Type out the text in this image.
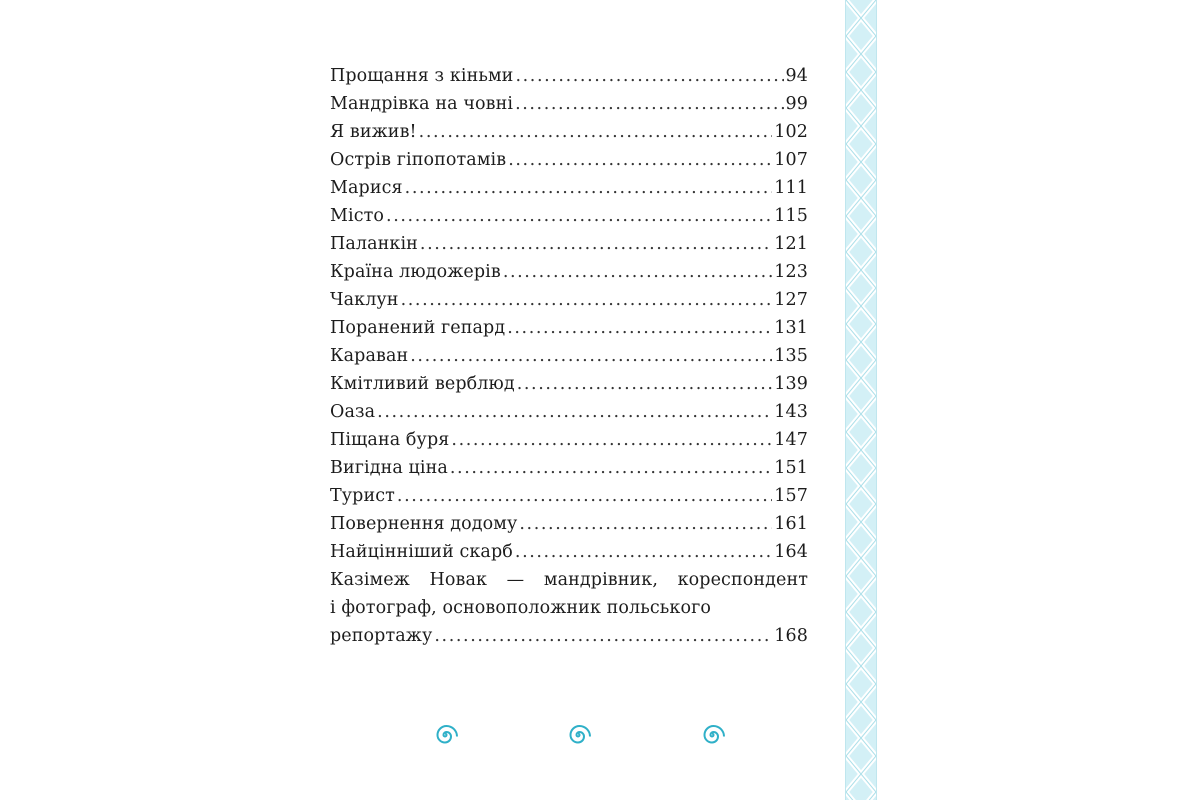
Прощання з кіньми .....	94
Мандрівка на човні .....	99
Я вижив! .....	102
Острів гіпопотамів .....	107
Марися .....	111
Місто .....	115
Паланкін .....	121
Країна людожерів .....	123
Чаклун .....	127
Поранений гепард .....	131
Караван .....	135
Кмітливий верблюд .....	139
Оаза .....	143
Піщана буря .....	147
Вигідна ціна .....	151
Турист .....	157
Повернення додому .....	161
Найцінніший скарб .....	164
Казімеж Новак — мандрівник, кореспондент
і фотограф, основоположник польського
репортажу .....	168
